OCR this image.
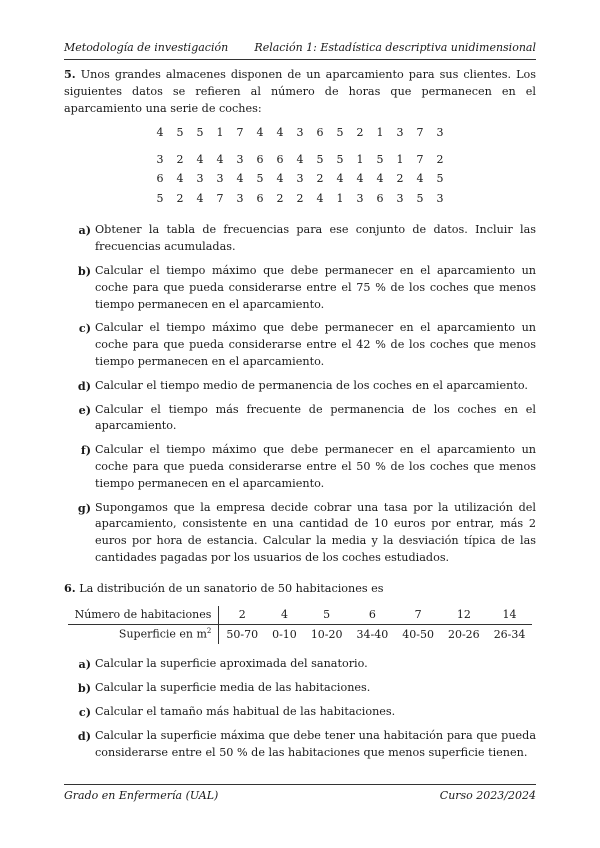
Metodología de investigación Relación 1: Estadística descriptiva unidimensional

5. Unos grandes almacenes disponen de un aparcamiento para sus clientes. Los siguientes datos se refieren al número de horas que permanecen en el aparcamiento una serie de coches:

4	5	5	1	7	4	4	3	6	5	2	1	3	7	3
3	2	4	4	3	6	6	4	5	5	1	5	1	7	2
6	4	3	3	4	5	4	3	2	4	4	4	2	4	5
5	2	4	7	3	6	2	2	4	1	3	6	3	5	3
a) Obtener la tabla de frecuencias para ese conjunto de datos. Incluir las frecuencias acumuladas.
b) Calcular el tiempo máximo que debe permanecer en el aparcamiento un coche para que pueda considerarse entre el 75 % de los coches que menos tiempo permanecen en el aparcamiento.
c) Calcular el tiempo máximo que debe permanecer en el aparcamiento un coche para que pueda considerarse entre el 42 % de los coches que menos tiempo permanecen en el aparcamiento.
d) Calcular el tiempo medio de permanencia de los coches en el aparcamiento.
e) Calcular el tiempo más frecuente de permanencia de los coches en el aparcamiento.
f) Calcular el tiempo máximo que debe permanecer en el aparcamiento un coche para que pueda considerarse entre el 50 % de los coches que menos tiempo permanecen en el aparcamiento.
g) Supongamos que la empresa decide cobrar una tasa por la utilización del aparcamiento, consistente en una cantidad de 10 euros por entrar, más 2 euros por hora de estancia. Calcular la media y la desviación típica de las cantidades pagadas por los usuarios de los coches estudiados.

6. La distribución de un sanatorio de 50 habitaciones es

Número de habitaciones	2	4	5	6	7	12	14
Superficie en $m^2$	50-70	0-10	10-20	34-40	40-50	20-26	26-34
a) Calcular la superficie aproximada del sanatorio.
b) Calcular la superficie media de las habitaciones.
c) Calcular el tamaño más habitual de las habitaciones.
d) Calcular la superficie máxima que debe tener una habitación para que pueda considerarse entre el 50 % de las habitaciones que menos superficie tienen.
Grado en Enfermería (UAL)	Curso 2023/2024
